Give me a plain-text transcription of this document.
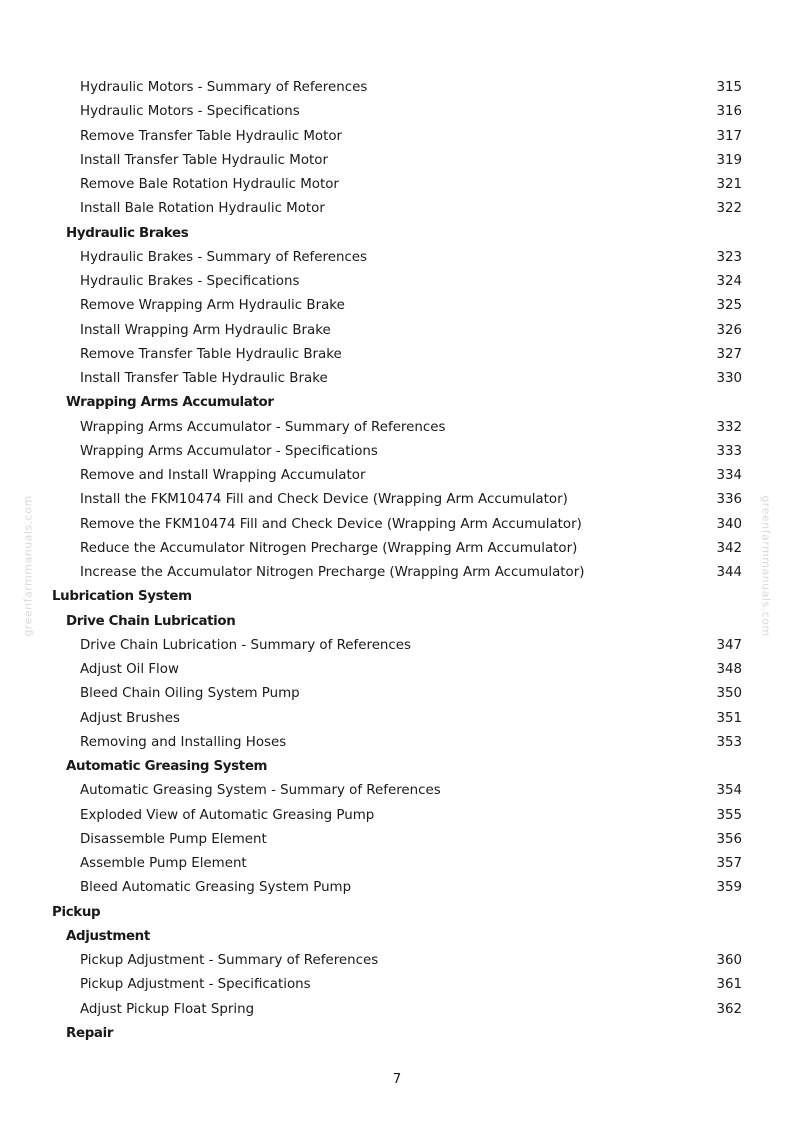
greenfarmmanuals.com	greenfarmmanuals.com
Hydraulic Motors - Summary of References	315
Hydraulic Motors - Specifications	316
Remove Transfer Table Hydraulic Motor	317
Install Transfer Table Hydraulic Motor	319
Remove Bale Rotation Hydraulic Motor	321
Install Bale Rotation Hydraulic Motor	322
Hydraulic Brakes
Hydraulic Brakes - Summary of References	323
Hydraulic Brakes - Specifications	324
Remove Wrapping Arm Hydraulic Brake	325
Install Wrapping Arm Hydraulic Brake	326
Remove Transfer Table Hydraulic Brake	327
Install Transfer Table Hydraulic Brake	330
Wrapping Arms Accumulator
Wrapping Arms Accumulator - Summary of References	332
Wrapping Arms Accumulator - Specifications	333
Remove and Install Wrapping Accumulator	334
Install the FKM10474 Fill and Check Device (Wrapping Arm Accumulator)	336
Remove the FKM10474 Fill and Check Device (Wrapping Arm Accumulator)	340
Reduce the Accumulator Nitrogen Precharge (Wrapping Arm Accumulator)	342
Increase the Accumulator Nitrogen Precharge (Wrapping Arm Accumulator)	344
Lubrication System
Drive Chain Lubrication
Drive Chain Lubrication - Summary of References	347
Adjust Oil Flow	348
Bleed Chain Oiling System Pump	350
Adjust Brushes	351
Removing and Installing Hoses	353
Automatic Greasing System
Automatic Greasing System - Summary of References	354
Exploded View of Automatic Greasing Pump	355
Disassemble Pump Element	356
Assemble Pump Element	357
Bleed Automatic Greasing System Pump	359
Pickup
Adjustment
Pickup Adjustment - Summary of References	360
Pickup Adjustment - Specifications	361
Adjust Pickup Float Spring	362
Repair
7
